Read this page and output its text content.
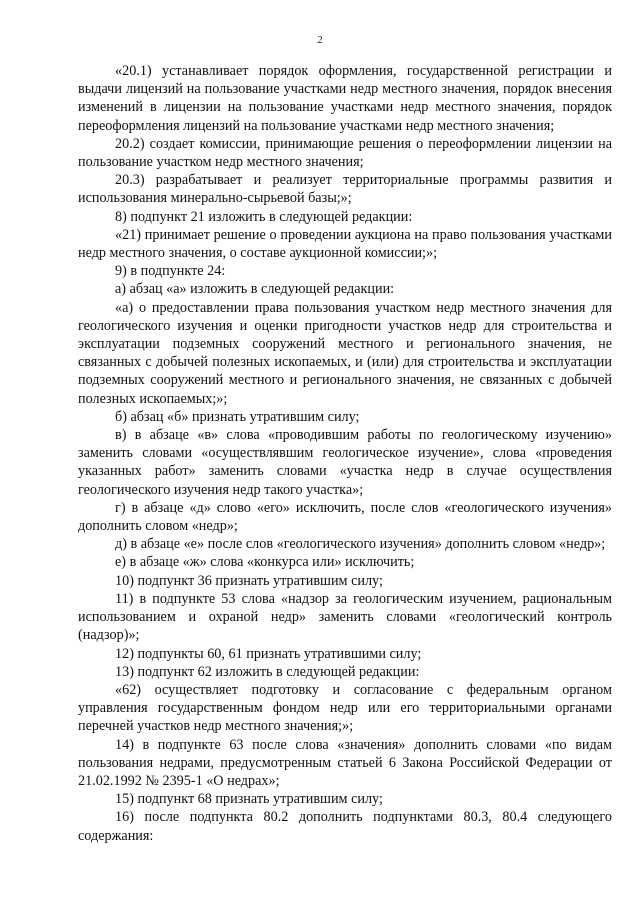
2

«20.1) устанавливает порядок оформления, государственной регистрации и выдачи лицензий на пользование участками недр местного значения, порядок внесения изменений в лицензии на пользование участками недр местного значения, порядок переоформления лицензий на пользование участками недр местного значения;

20.2) создает комиссии, принимающие решения о переоформлении лицензии на пользование участком недр местного значения;

20.3) разрабатывает и реализует территориальные программы развития и использования минерально-сырьевой базы;»;

8) подпункт 21 изложить в следующей редакции:

«21) принимает решение о проведении аукциона на право пользования участками недр местного значения, о составе аукционной комиссии;»;

9) в подпункте 24:

а) абзац «а» изложить в следующей редакции:

«а) о предоставлении права пользования участком недр местного значения для геологического изучения и оценки пригодности участков недр для строительства и эксплуатации подземных сооружений местного и регионального значения, не связанных с добычей полезных ископаемых, и (или) для строительства и эксплуатации подземных сооружений местного и регионального значения, не связанных с добычей полезных ископаемых;»;

б) абзац «б» признать утратившим силу;

в) в абзаце «в» слова «проводившим работы по геологическому изучению» заменить словами «осуществлявшим геологическое изучение», слова «проведения указанных работ» заменить словами «участка недр в случае осуществления геологического изучения недр такого участка»;

г) в абзаце «д» слово «его» исключить, после слов «геологического изучения» дополнить словом «недр»;

д) в абзаце «е» после слов «геологического изучения» дополнить словом «недр»;

е) в абзаце «ж» слова «конкурса или» исключить;

10) подпункт 36 признать утратившим силу;

11) в подпункте 53 слова «надзор за геологическим изучением, рациональным использованием и охраной недр» заменить словами «геологический контроль (надзор)»;

12) подпункты 60, 61 признать утратившими силу;

13) подпункт 62 изложить в следующей редакции:

«62) осуществляет подготовку и согласование с федеральным органом управления государственным фондом недр или его территориальными органами перечней участков недр местного значения;»;

14) в подпункте 63 после слова «значения» дополнить словами «по видам пользования недрами, предусмотренным статьей 6 Закона Российской Федерации от 21.02.1992 № 2395-1 «О недрах»;

15) подпункт 68 признать утратившим силу;

16) после подпункта 80.2 дополнить подпунктами 80.3, 80.4 следующего содержания:
